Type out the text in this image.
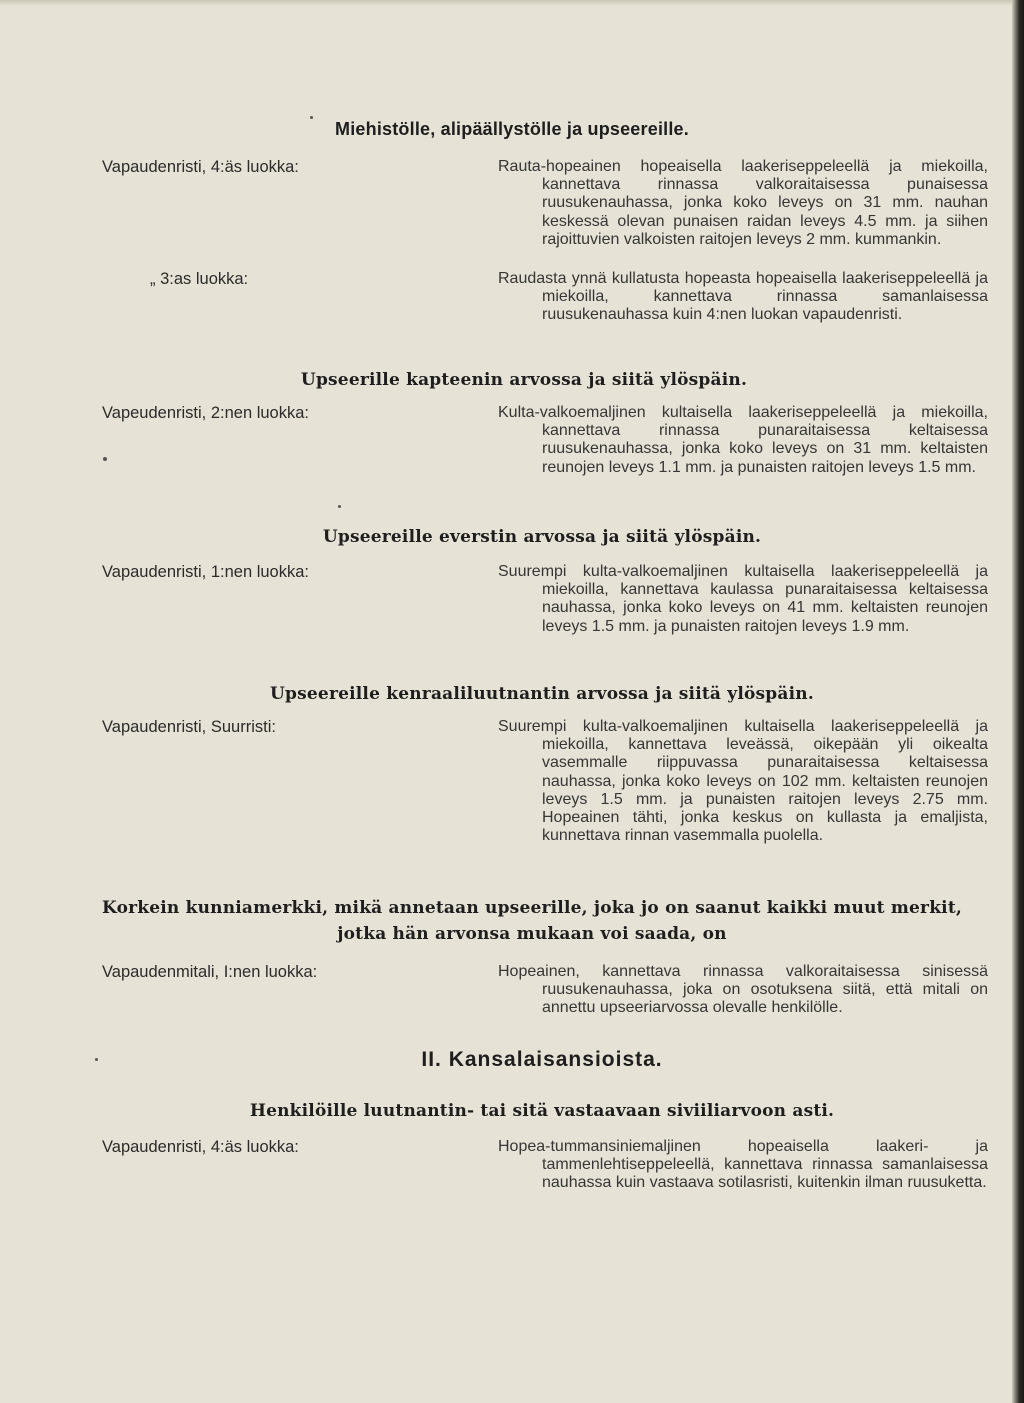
Miehistölle, alipäällystölle ja upseereille.

Vapaudenristi, 4:äs luokka:	Rauta-hopeainen hopeaisella laakeriseppeleellä ja miekoilla, kannettava rinnassa valkoraitaisessa punaisessa ruusukenauhassa, jonka koko leveys on 31 mm. nauhan keskessä olevan punaisen raidan leveys 4.5 mm. ja siihen rajoittuvien valkoisten raitojen leveys 2 mm. kummankin.

„ 3:as luokka:	Raudasta ynnä kullatusta hopeasta hopeaisella laakeriseppeleellä ja miekoilla, kannettava rinnassa samanlaisessa ruusukenauhassa kuin 4:nen luokan vapaudenristi.

Upseerille kapteenin arvossa ja siitä ylöspäin.

Vapeudenristi, 2:nen luokka:	Kulta-valkoemaljinen kultaisella laakeriseppeleellä ja miekoilla, kannettava rinnassa punaraitaisessa keltaisessa ruusukenauhassa, jonka koko leveys on 31 mm. keltaisten reunojen leveys 1.1 mm. ja punaisten raitojen leveys 1.5 mm.

Upseereille everstin arvossa ja siitä ylöspäin.

Vapaudenristi, 1:nen luokka:	Suurempi kulta-valkoemaljinen kultaisella laakeriseppeleellä ja miekoilla, kannettava kaulassa punaraitaisessa keltaisessa nauhassa, jonka koko leveys on 41 mm. keltaisten reunojen leveys 1.5 mm. ja punaisten raitojen leveys 1.9 mm.

Upseereille kenraaliluutnantin arvossa ja siitä ylöspäin.

Vapaudenristi, Suurristi:	Suurempi kulta-valkoemaljinen kultaisella laakeriseppeleellä ja miekoilla, kannettava leveässä, oikepään yli oikealta vasemmalle riippuvassa punaraitaisessa keltaisessa nauhassa, jonka koko leveys on 102 mm. keltaisten reunojen leveys 1.5 mm. ja punaisten raitojen leveys 2.75 mm. Hopeainen tähti, jonka keskus on kullasta ja emaljista, kunnettava rinnan vasemmalla puolella.

Korkein kunniamerkki, mikä annetaan upseerille, joka jo on saanut kaikki muut merkit,
jotka hän arvonsa mukaan voi saada, on

Vapaudenmitali, I:nen luokka:	Hopeainen, kannettava rinnassa valkoraitaisessa sinisessä ruusukenauhassa, joka on osotuksena siitä, että mitali on annettu upseeriarvossa olevalle henkilölle.

II. Kansalaisansioista.
Henkilöille luutnantin- tai sitä vastaavaan siviiliarvoon asti.

Vapaudenristi, 4:äs luokka:	Hopea-tummansiniemaljinen hopeaisella laakeri- ja tammenlehtiseppeleellä, kannettava rinnassa samanlaisessa nauhassa kuin vastaava sotilasristi, kuitenkin ilman ruusuketta.
